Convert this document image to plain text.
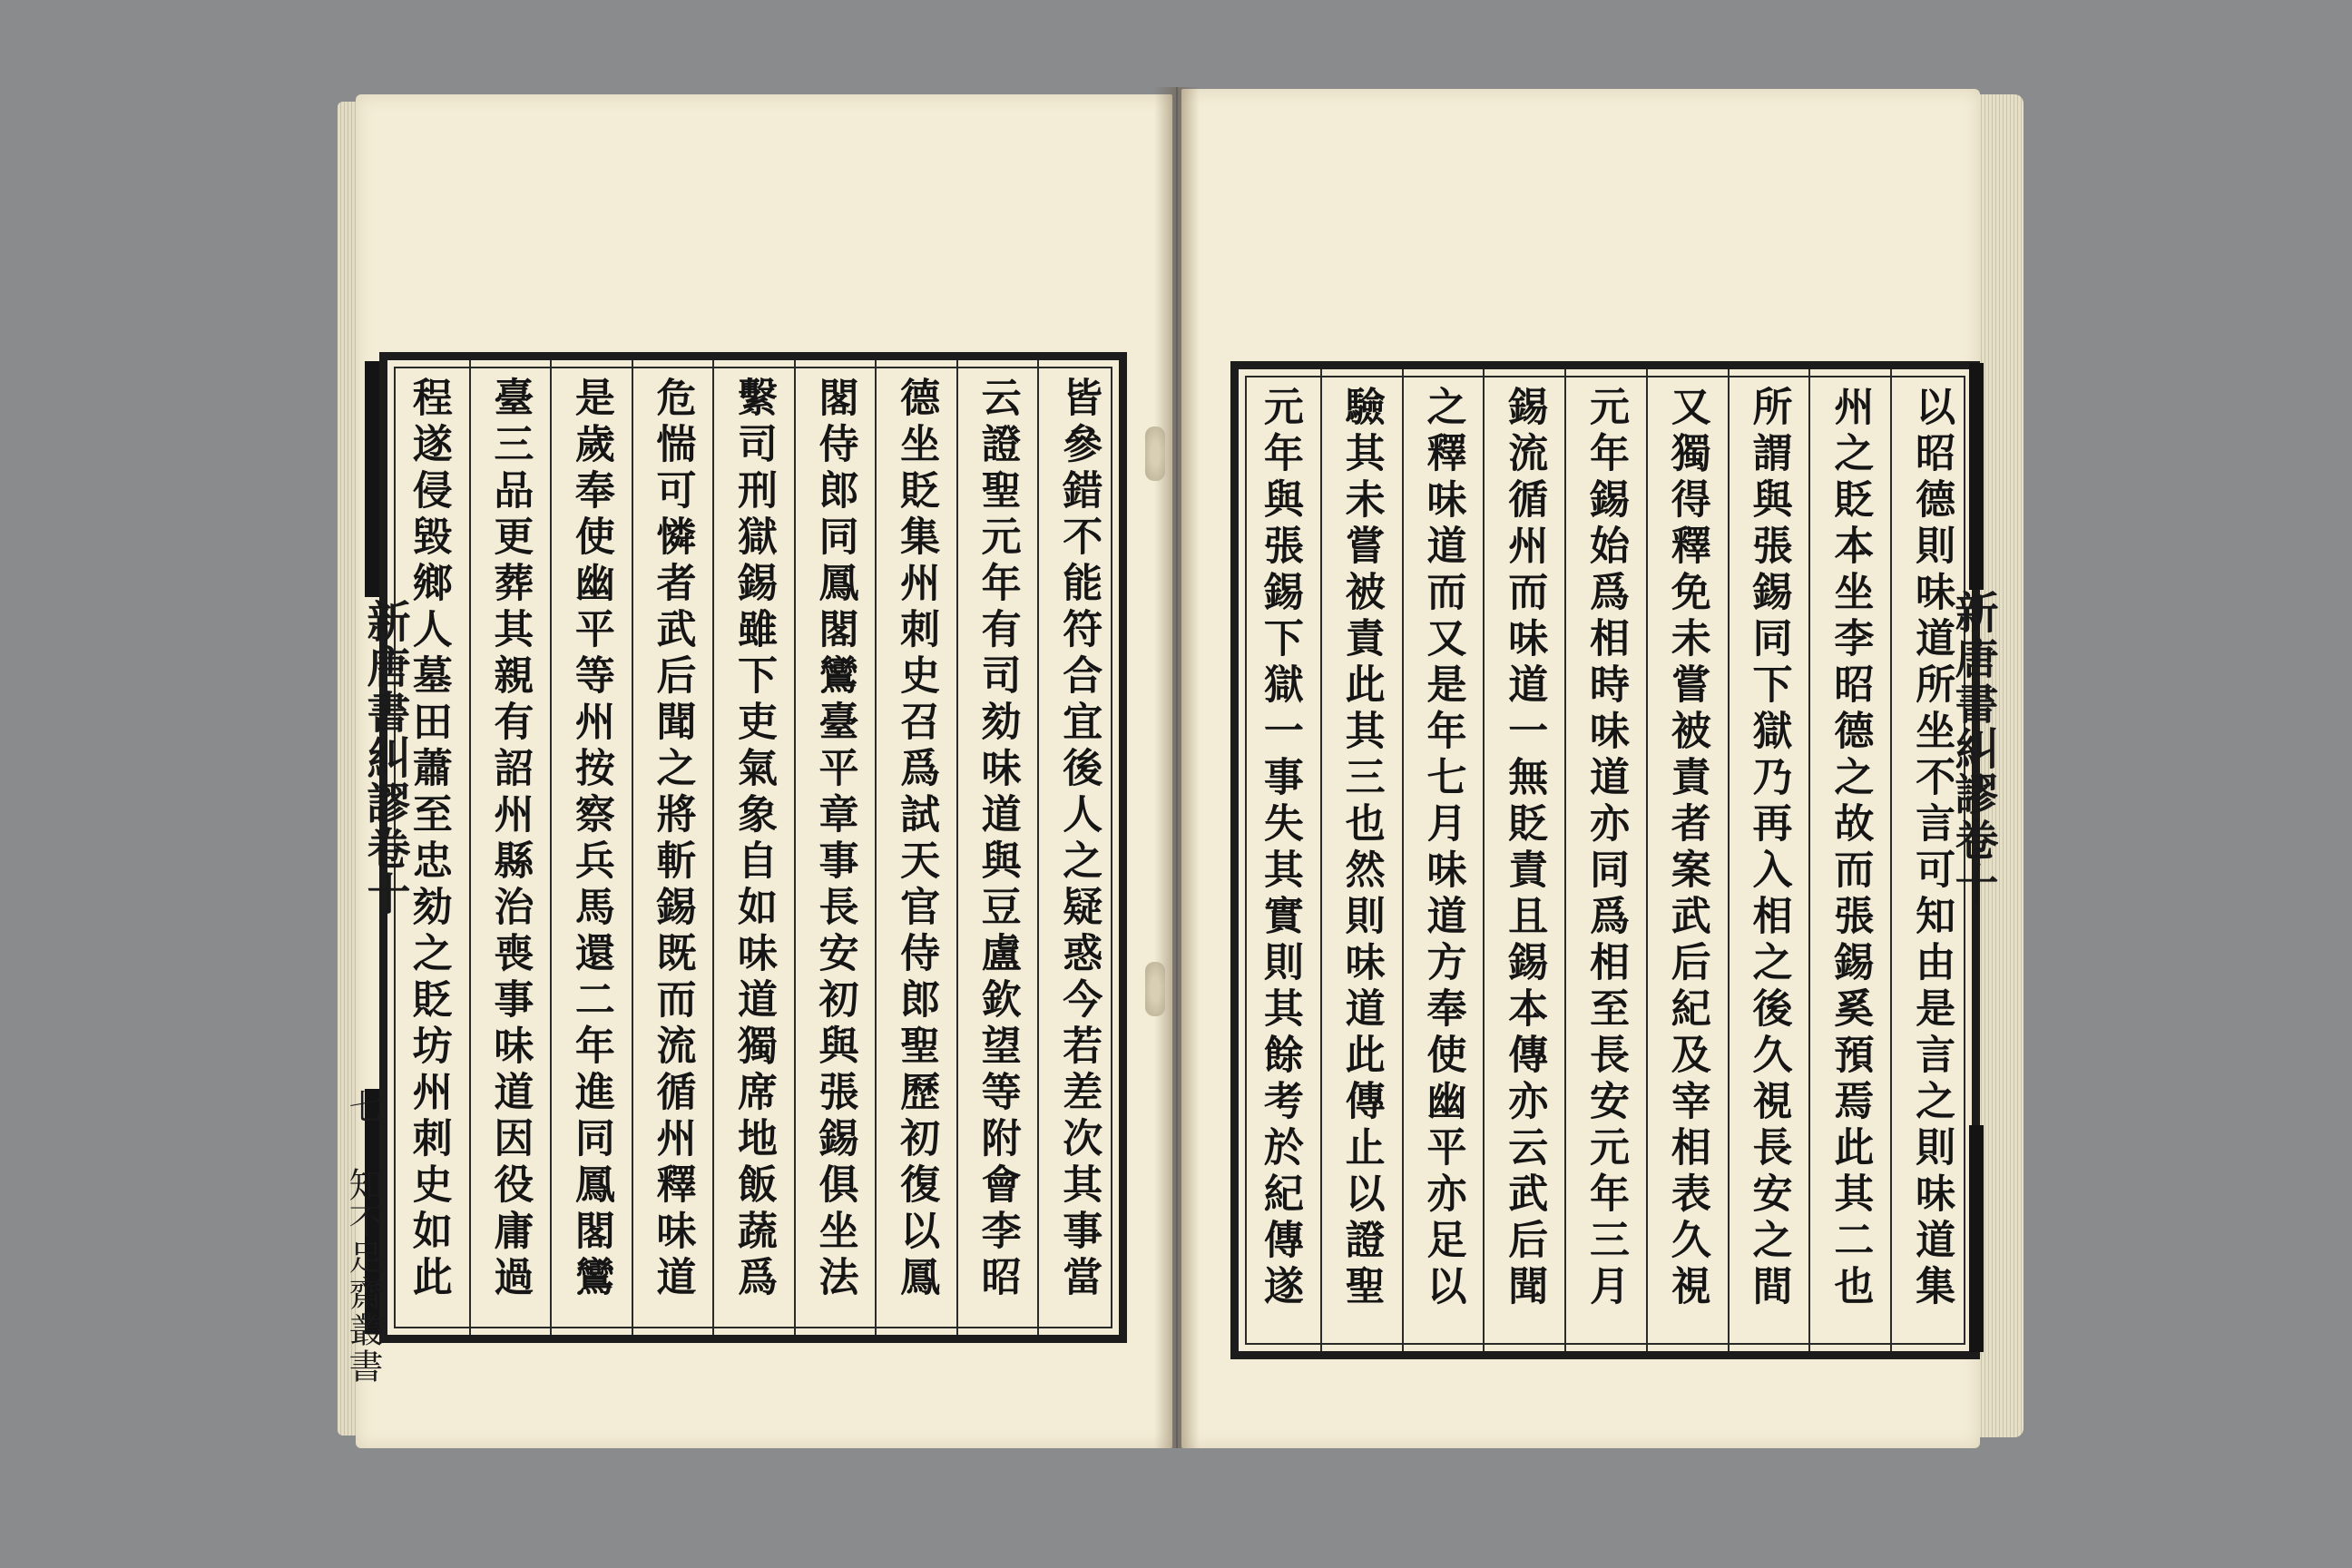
皆參錯不能符合宜後人之疑惑今若差次其事當
云證聖元年有司劾味道與豆盧欽望等附會李昭
德坐貶集州刺史召爲試天官侍郎聖歷初復以鳳
閣侍郎同鳳閣鸞臺平章事長安初與張錫俱坐法
繫司刑獄錫雖下吏氣象自如味道獨席地飯蔬爲
危惴可憐者武后聞之將斬錫既而流循州釋味道
是歲奉使幽平等州按察兵馬還二年進同鳳閣鸞
臺三品更葬其親有詔州縣治喪事味道因役庸過
程遂侵毀鄉人墓田蕭至忠劾之貶坊州刺史如此
新唐書糾謬卷十	以昭德則味道所坐不言可知由是言之則味道集
州之貶本坐李昭德之故而張錫奚預焉此其二也
所謂與張錫同下獄乃再入相之後久視長安之間
又獨得釋免未嘗被責者案武后紀及宰相表久視
元年錫始爲相時味道亦同爲相至長安元年三月
錫流循州而味道一無貶責且錫本傳亦云武后聞
之釋味道而又是年七月味道方奉使幽平亦足以
驗其未嘗被責此其三也然則味道此傳止以證聖
元年與張錫下獄一事失其實則其餘考於紀傳遂	新唐書糾謬卷十
七 知不足齋叢書
